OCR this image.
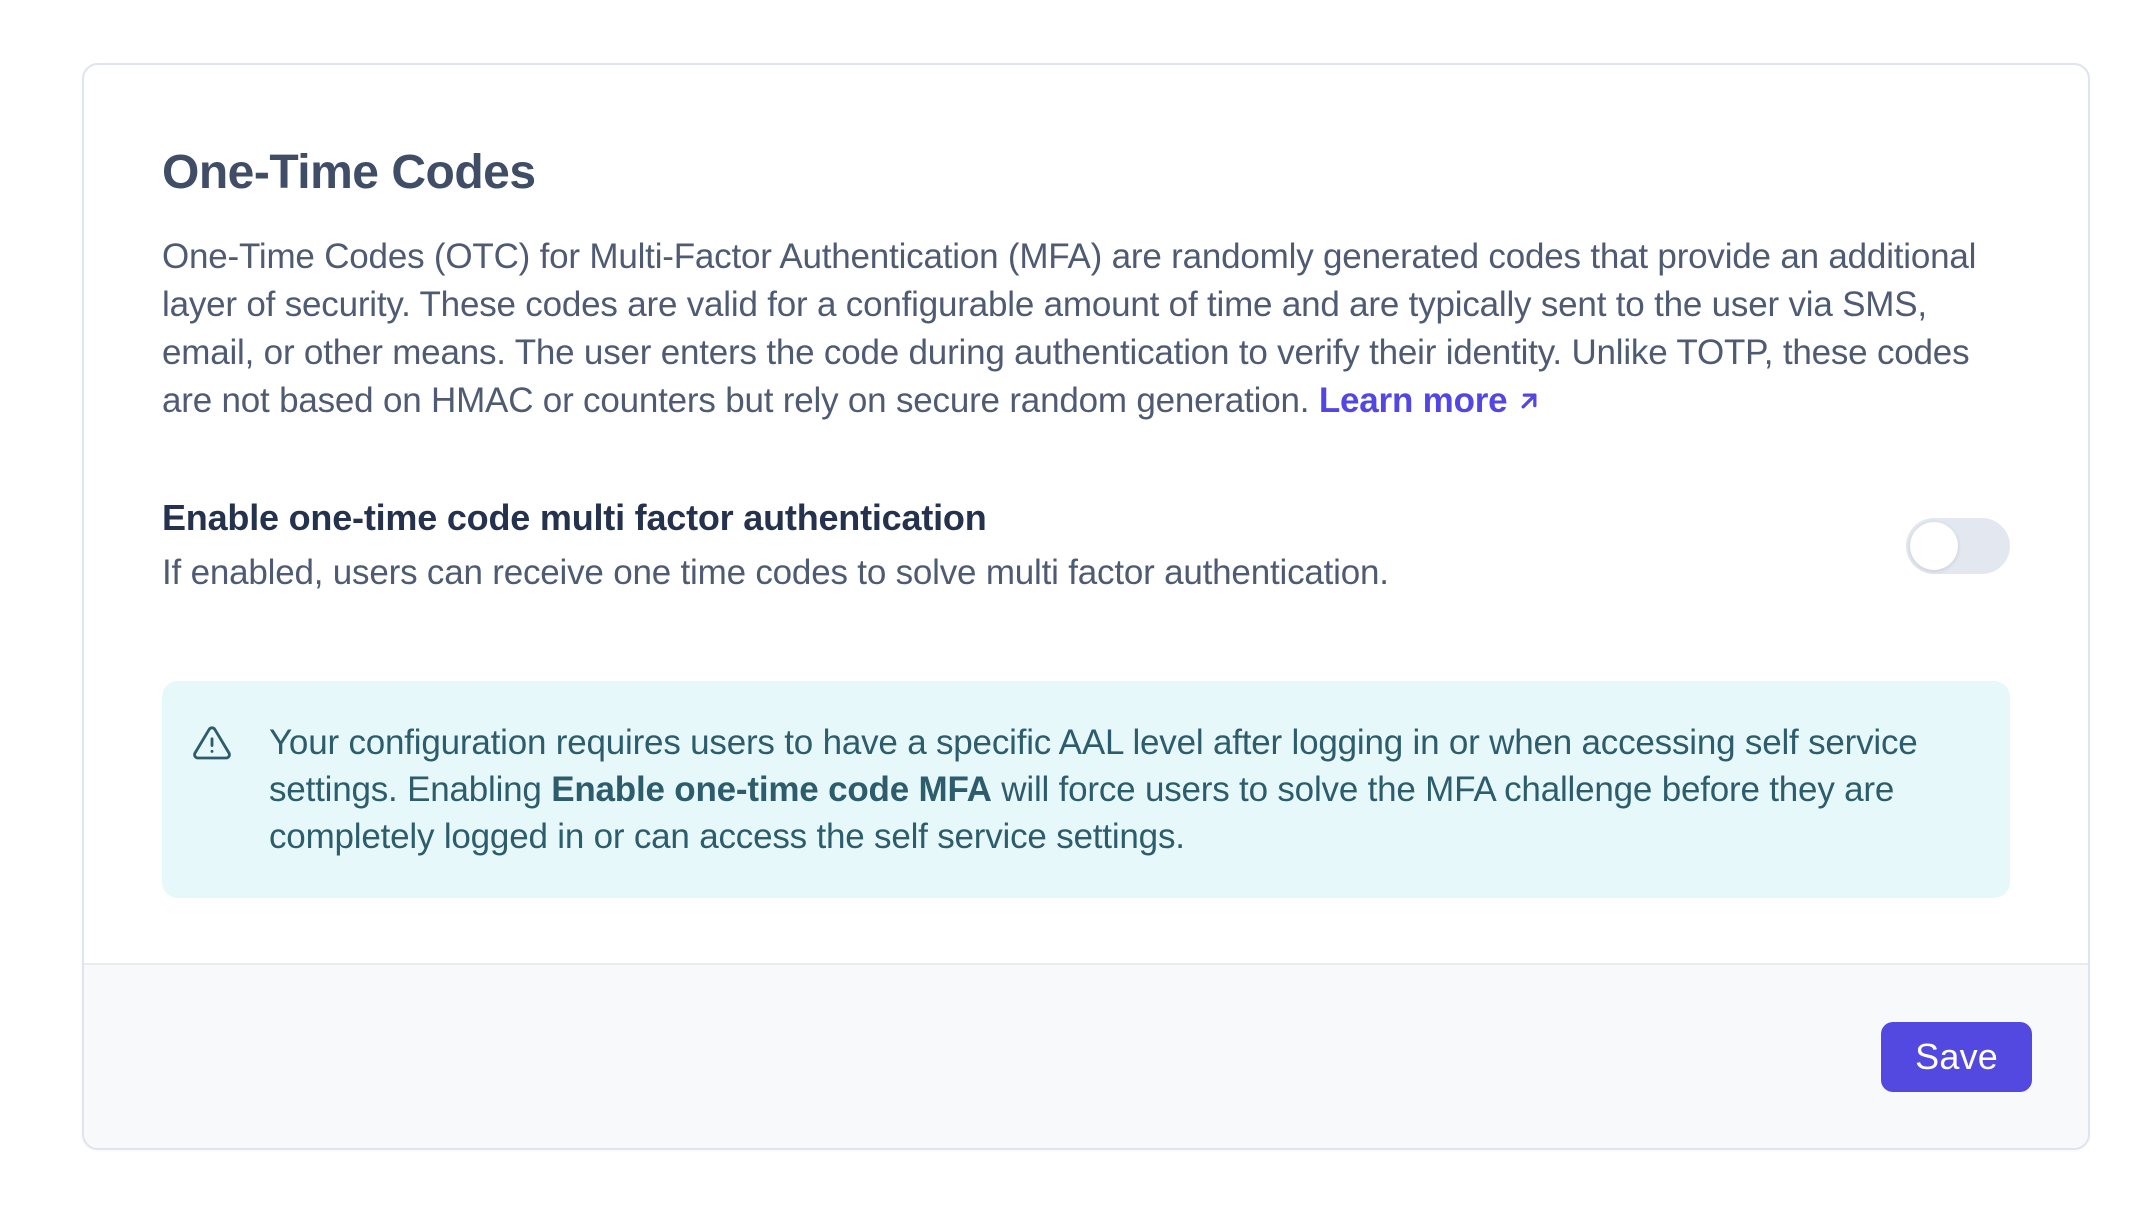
One-Time Codes

One-Time Codes (OTC) for Multi-Factor Authentication (MFA) are randomly generated codes that provide an additional layer of security. These codes are valid for a configurable amount of time and are typically sent to the user via SMS, email, or other means. The user enters the code during authentication to verify their identity. Unlike TOTP, these codes are not based on HMAC or counters but rely on secure random generation. Learn more

Enable one-time code multi factor authentication
If enabled, users can receive one time codes to solve multi factor authentication.
Your configuration requires users to have a specific AAL level after logging in or when accessing self service settings. Enabling Enable one-time code MFA will force users to solve the MFA challenge before they are completely logged in or can access the self service settings.
Save
